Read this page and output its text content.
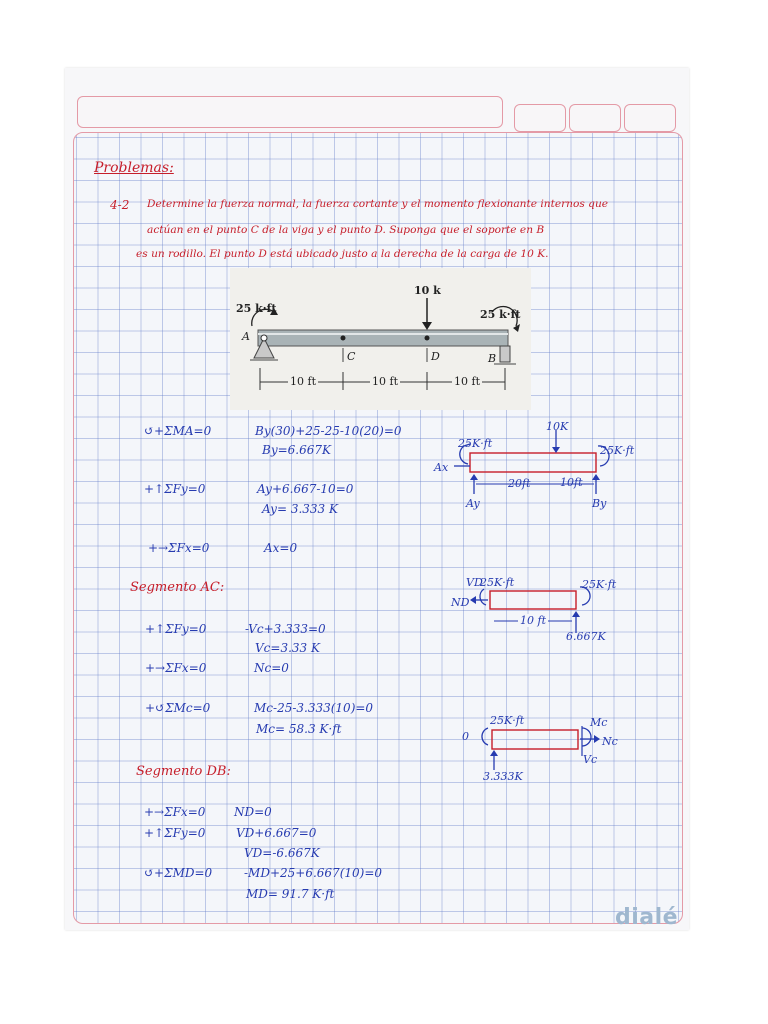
Problemas:
4-2 Determine la fuerza normal, la fuerza cortante y el momento flexionante internos que
actúan en el punto C de la viga y el punto D. Suponga que el soporte en B
es un rodillo. El punto D está ubicado justo a la derecha de la carga de 10 K.
10 k
25 k·ft	25 k·ft
A
C	D	B
10 ft	10 ft	10 ft
↺+ΣMA=0	By(30)+25-25-10(20)=0
By=6.667K
+↑ΣFy=0	Ay+6.667-10=0
Ay= 3.333 K
+→ΣFx=0	Ax=0
10K
25K·ft
25K·ft
Ax
20ft	10ft
Ay	By
Segmento AC:
+↑ΣFy=0	-Vc+3.333=0
Vc=3.33 K
+→ΣFx=0	Nc=0
+↺ΣMc=0	Mc-25-3.333(10)=0
Mc= 58.3 K·ft
VD
25K·ft	25K·ft
ND
10 ft
6.667K
25K·ft
0
Mc
Nc
Vc
3.333K
Segmento DB:
+→ΣFx=0 ND=0
+↑ΣFy=0	VD+6.667=0
VD=-6.667K
↺+ΣMD=0	-MD+25+6.667(10)=0
MD= 91.7 K·ft
dialé
